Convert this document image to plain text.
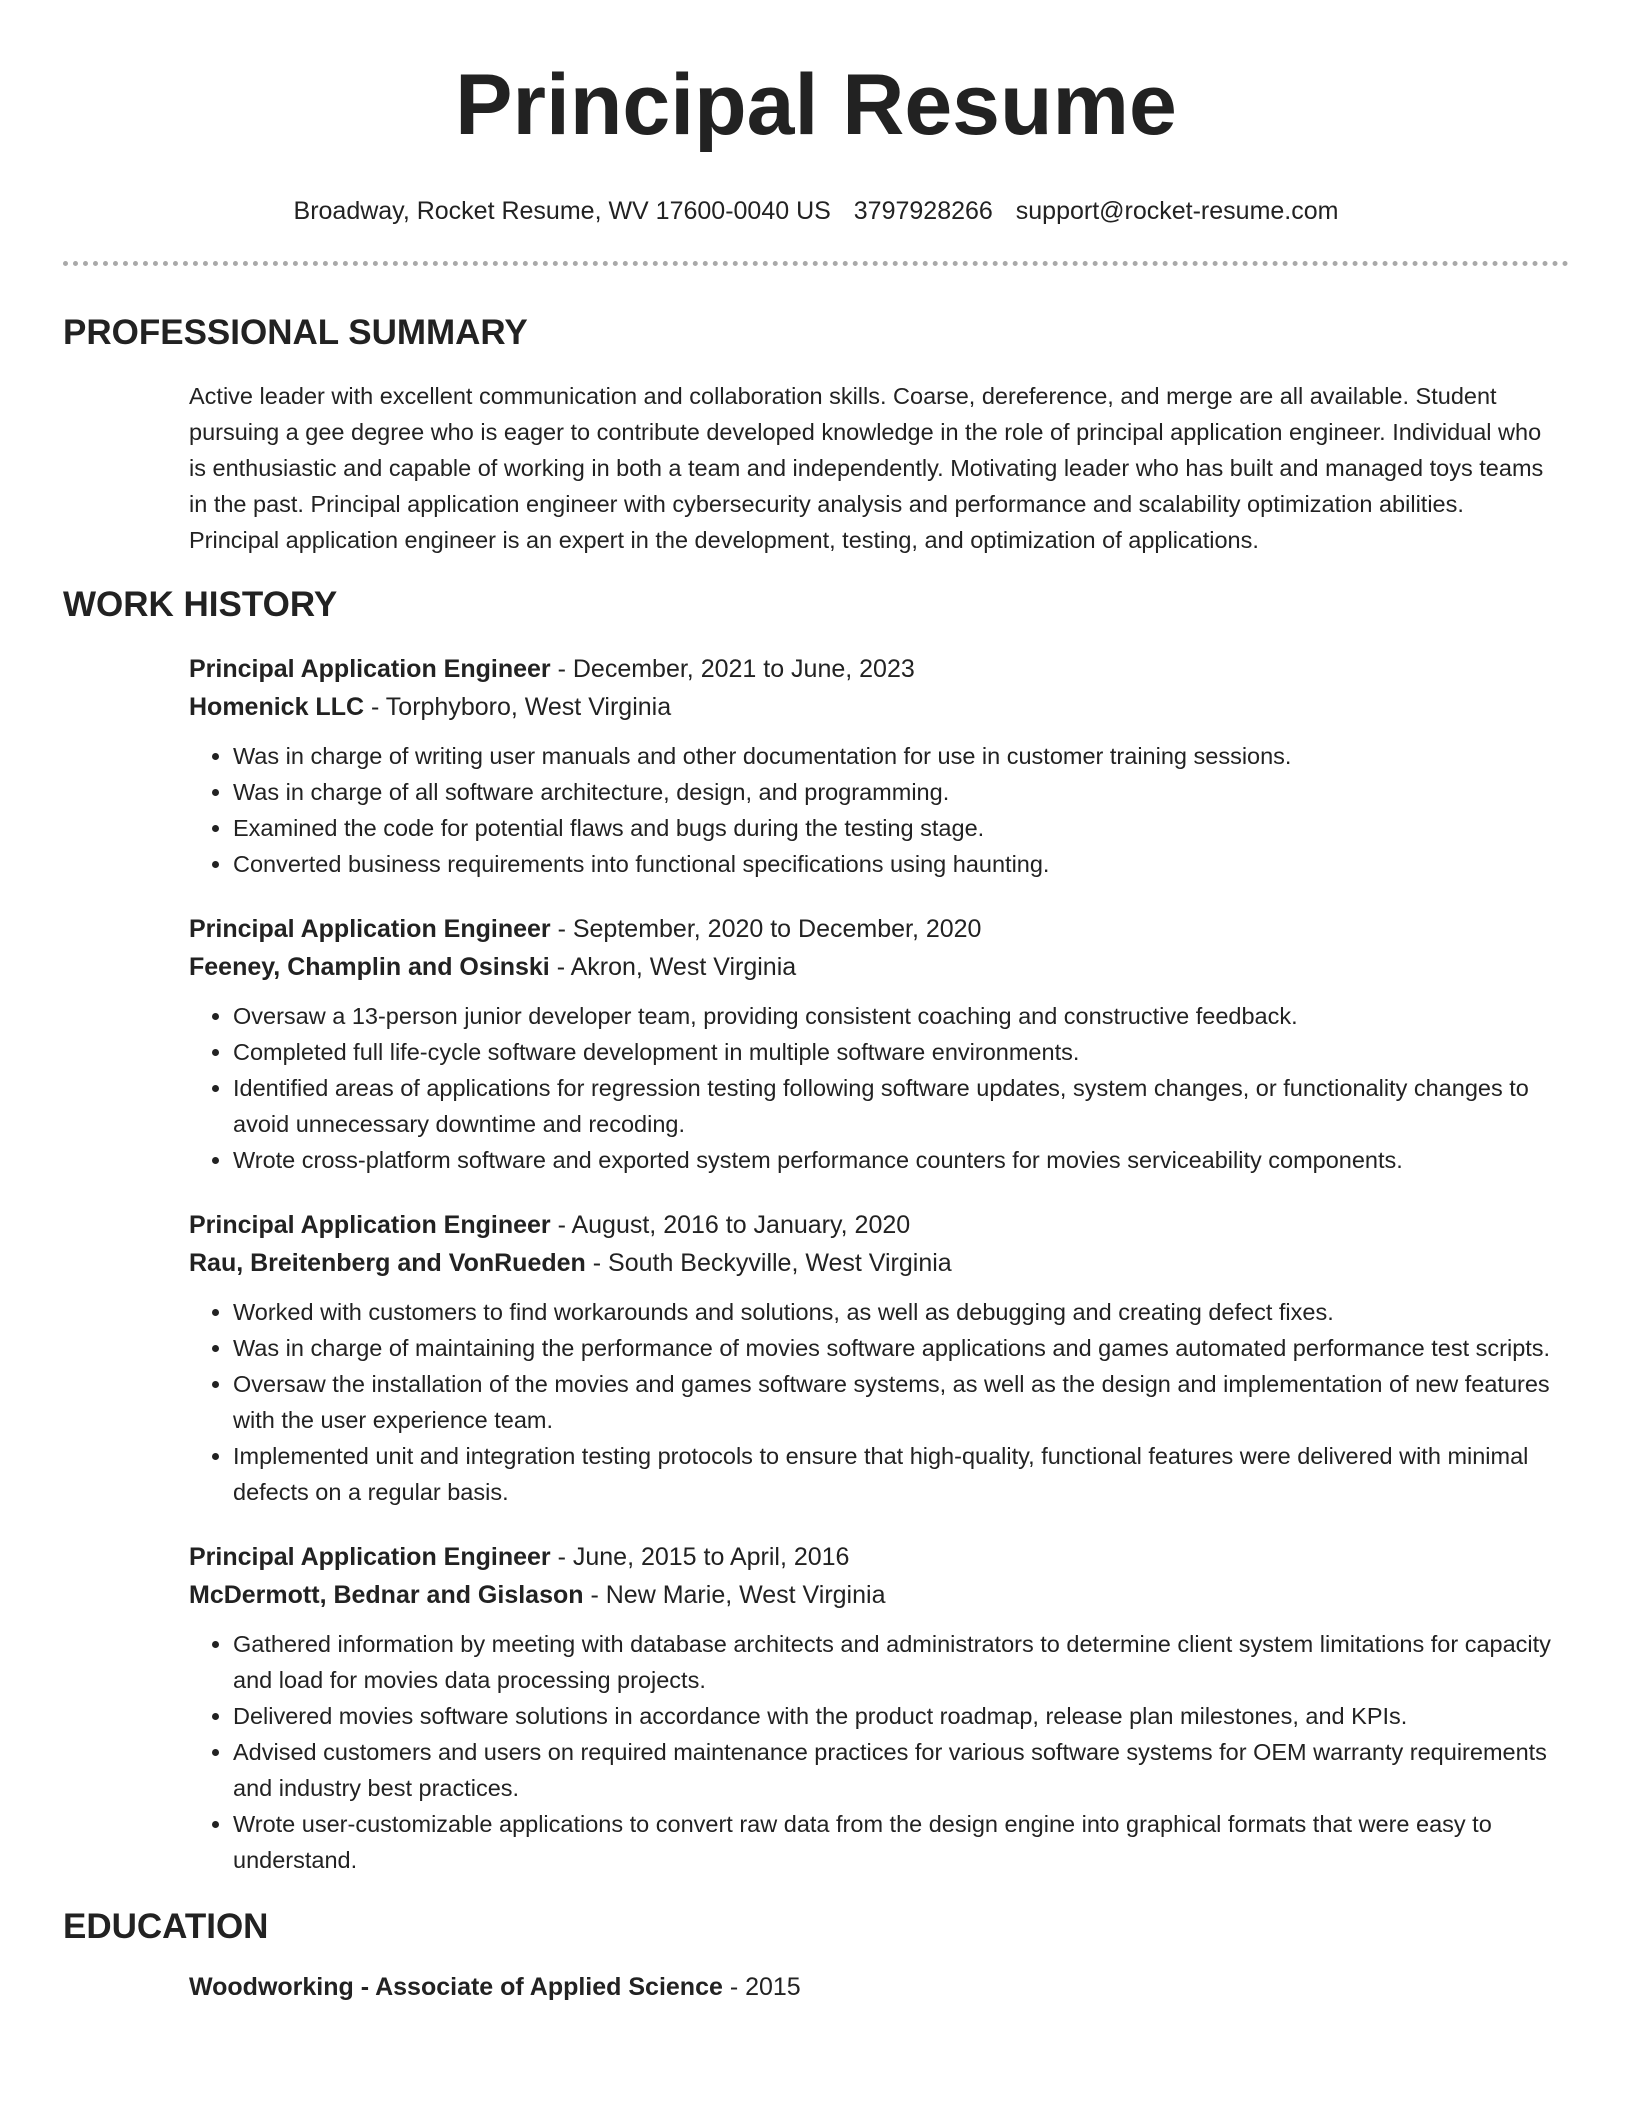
Principal Resume
Broadway, Rocket Resume, WV 17600-0040 US 3797928266 support@rocket-resume.com
PROFESSIONAL SUMMARY
Active leader with excellent communication and collaboration skills. Coarse, dereference, and merge are all available. Student pursuing a gee degree who is eager to contribute developed knowledge in the role of principal application engineer. Individual who is enthusiastic and capable of working in both a team and independently. Motivating leader who has built and managed toys teams in the past. Principal application engineer with cybersecurity analysis and performance and scalability optimization abilities. Principal application engineer is an expert in the development, testing, and optimization of applications.
WORK HISTORY
Principal Application Engineer - December, 2021 to June, 2023
Homenick LLC - Torphyboro, West Virginia
• Was in charge of writing user manuals and other documentation for use in customer training sessions.
• Was in charge of all software architecture, design, and programming.
• Examined the code for potential flaws and bugs during the testing stage.
• Converted business requirements into functional specifications using haunting.
Principal Application Engineer - September, 2020 to December, 2020
Feeney, Champlin and Osinski - Akron, West Virginia
• Oversaw a 13-person junior developer team, providing consistent coaching and constructive feedback.
• Completed full life-cycle software development in multiple software environments.
• Identified areas of applications for regression testing following software updates, system changes, or functionality changes to avoid unnecessary downtime and recoding.
• Wrote cross-platform software and exported system performance counters for movies serviceability components.
Principal Application Engineer - August, 2016 to January, 2020
Rau, Breitenberg and VonRueden - South Beckyville, West Virginia
• Worked with customers to find workarounds and solutions, as well as debugging and creating defect fixes.
• Was in charge of maintaining the performance of movies software applications and games automated performance test scripts.
• Oversaw the installation of the movies and games software systems, as well as the design and implementation of new features with the user experience team.
• Implemented unit and integration testing protocols to ensure that high-quality, functional features were delivered with minimal defects on a regular basis.
Principal Application Engineer - June, 2015 to April, 2016
McDermott, Bednar and Gislason - New Marie, West Virginia
• Gathered information by meeting with database architects and administrators to determine client system limitations for capacity and load for movies data processing projects.
• Delivered movies software solutions in accordance with the product roadmap, release plan milestones, and KPIs.
• Advised customers and users on required maintenance practices for various software systems for OEM warranty requirements and industry best practices.
• Wrote user-customizable applications to convert raw data from the design engine into graphical formats that were easy to understand.
EDUCATION
Woodworking - Associate of Applied Science - 2015
